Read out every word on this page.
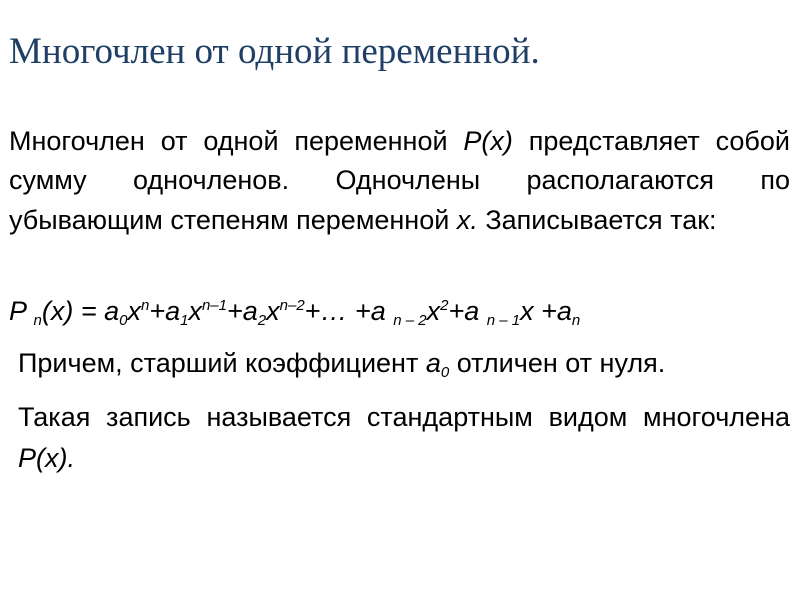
Многочлен от одной переменной.

Многочлен от одной переменной P(x) представляет собой сумму одночленов. Одночлены располагаются по убывающим степеням переменной x. Записывается так:

P $_n(x) = a_0x^n+a_1x^{n-1}+a_2x^{n-2}+\dots +a$ $_{n - 2}x^2+a$ $_{n - 1}x +a_n$

Причем, старший коэффициент $a_0$ отличен от нуля.

Такая запись называется стандартным видом многочлена P(x).
